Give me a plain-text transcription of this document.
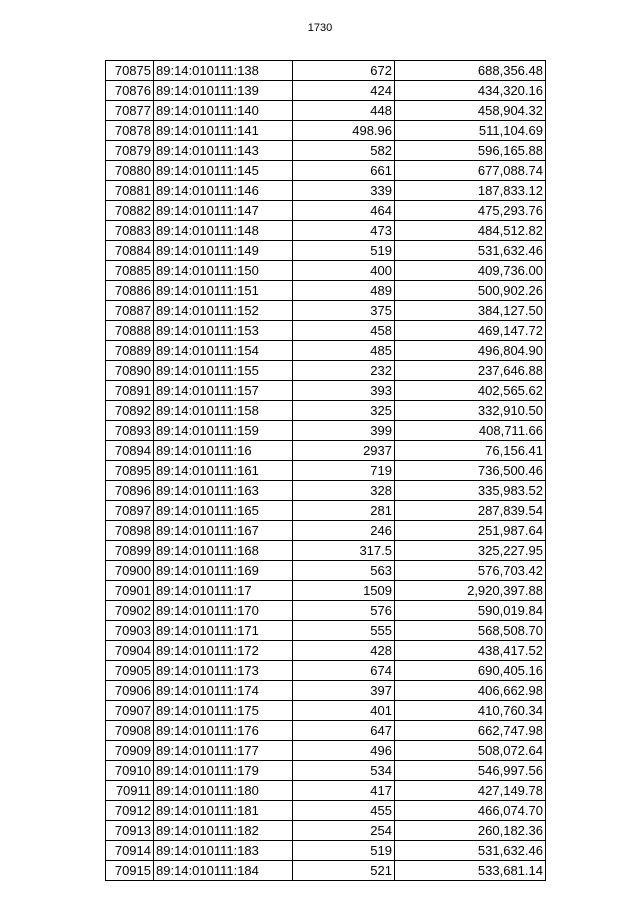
1730
70875	89:14:010111:138	672	688,356.48
70876	89:14:010111:139	424	434,320.16
70877	89:14:010111:140	448	458,904.32
70878	89:14:010111:141	498.96	511,104.69
70879	89:14:010111:143	582	596,165.88
70880	89:14:010111:145	661	677,088.74
70881	89:14:010111:146	339	187,833.12
70882	89:14:010111:147	464	475,293.76
70883	89:14:010111:148	473	484,512.82
70884	89:14:010111:149	519	531,632.46
70885	89:14:010111:150	400	409,736.00
70886	89:14:010111:151	489	500,902.26
70887	89:14:010111:152	375	384,127.50
70888	89:14:010111:153	458	469,147.72
70889	89:14:010111:154	485	496,804.90
70890	89:14:010111:155	232	237,646.88
70891	89:14:010111:157	393	402,565.62
70892	89:14:010111:158	325	332,910.50
70893	89:14:010111:159	399	408,711.66
70894	89:14:010111:16	2937	76,156.41
70895	89:14:010111:161	719	736,500.46
70896	89:14:010111:163	328	335,983.52
70897	89:14:010111:165	281	287,839.54
70898	89:14:010111:167	246	251,987.64
70899	89:14:010111:168	317.5	325,227.95
70900	89:14:010111:169	563	576,703.42
70901	89:14:010111:17	1509	2,920,397.88
70902	89:14:010111:170	576	590,019.84
70903	89:14:010111:171	555	568,508.70
70904	89:14:010111:172	428	438,417.52
70905	89:14:010111:173	674	690,405.16
70906	89:14:010111:174	397	406,662.98
70907	89:14:010111:175	401	410,760.34
70908	89:14:010111:176	647	662,747.98
70909	89:14:010111:177	496	508,072.64
70910	89:14:010111:179	534	546,997.56
70911	89:14:010111:180	417	427,149.78
70912	89:14:010111:181	455	466,074.70
70913	89:14:010111:182	254	260,182.36
70914	89:14:010111:183	519	531,632.46
70915	89:14:010111:184	521	533,681.14
